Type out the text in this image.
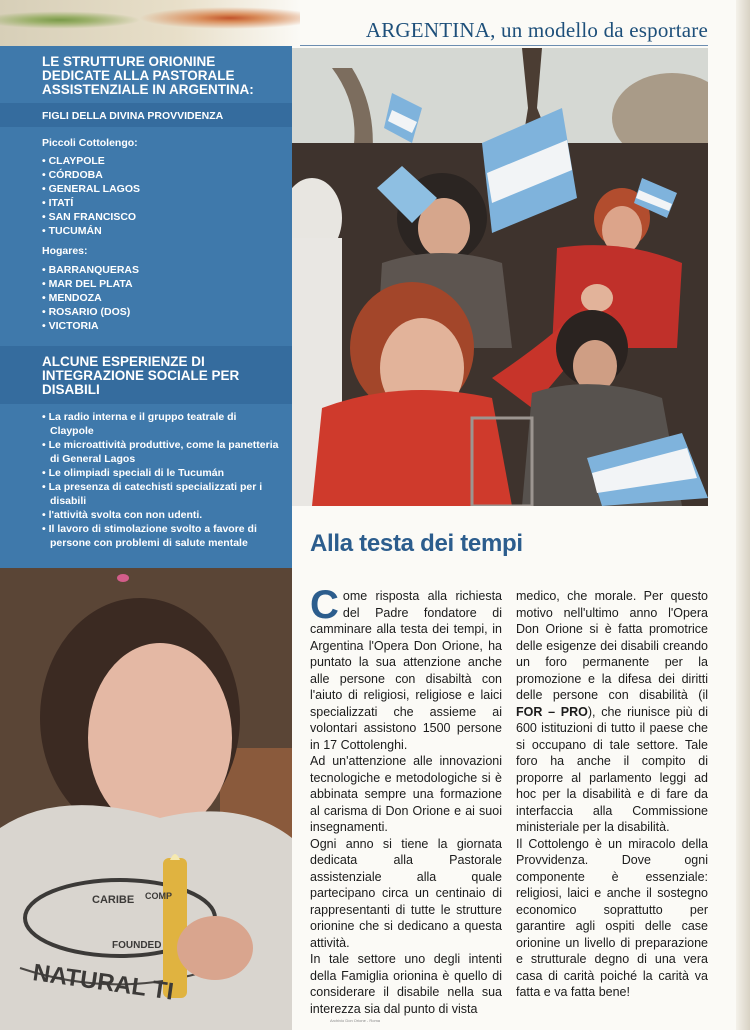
ARGENTINA, un modello da esportare
LE STRUTTURE ORIONINE DEDICATE ALLA PASTORALE ASSISTENZIALE IN ARGENTINA:
FIGLI DELLA DIVINA PROVVIDENZA
Piccoli Cottolengo:
• CLAYPOLE
• CÓRDOBA
• GENERAL LAGOS
• ITATÍ
• SAN FRANCISCO
• TUCUMÁN
Hogares:
• BARRANQUERAS
• MAR DEL PLATA
• MENDOZA
• ROSARIO (DOS)
• VICTORIA
ALCUNE ESPERIENZE DI INTEGRAZIONE SOCIALE PER DISABILI
• La radio interna e il gruppo teatrale di Claypole
• Le microattività produttive, come la panetteria di General Lagos
• Le olimpiadi speciali di le Tucumán
• La presenza di catechisti specializzati per i disabili
• l'attività svolta con non udenti.
• Il lavoro di stimolazione svolto a favore di persone con problemi di salute mentale
CARIBE COMP
FOUNDED
NATURAL TI
Alla testa dei tempi

Come risposta alla richiesta del Padre fondatore di camminare alla testa dei tempi, in Argentina l'Opera Don Orione, ha puntato la sua attenzione anche alle persone con disabiltà con l'aiuto di religiosi, religiose e laici specializzati che assieme ai volontari assistono 1500 persone in 17 Cottolenghi.

Ad un'attenzione alle innovazioni tecnologiche e metodologiche si è abbinata sempre una formazione al carisma di Don Orione e ai suoi insegnamenti.

Ogni anno si tiene la giornata dedicata alla Pastorale assistenziale alla quale partecipano circa un centinaio di rappresentanti di tutte le strutture orionine che si dedicano a questa attività.

In tale settore uno degli intenti della Famiglia orionina è quello di considerare il disabile nella sua interezza sia dal punto di vista

medico, che morale. Per questo motivo nell'ultimo anno l'Opera Don Orione si è fatta promotrice delle esigenze dei disabili creando un foro permanente per la promozione e la difesa dei diritti delle persone con disabilità (il FOR – PRO), che riunisce più di 600 istituzioni di tutto il paese che si occupano di tale settore. Tale foro ha anche il compito di proporre al parlamento leggi ad hoc per la disabilità e di fare da interfaccia alla Commissione ministeriale per la disabilità.

Il Cottolengo è un miracolo della Provvidenza. Dove ogni componente è essenziale: religiosi, laici e anche il sostegno economico soprattutto per garantire agli ospiti delle case orionine un livello di preparazione e strutturale degno di una vera casa di carità poiché la carità va fatta e va fatta bene!

Archivio Don Orione - Roma
